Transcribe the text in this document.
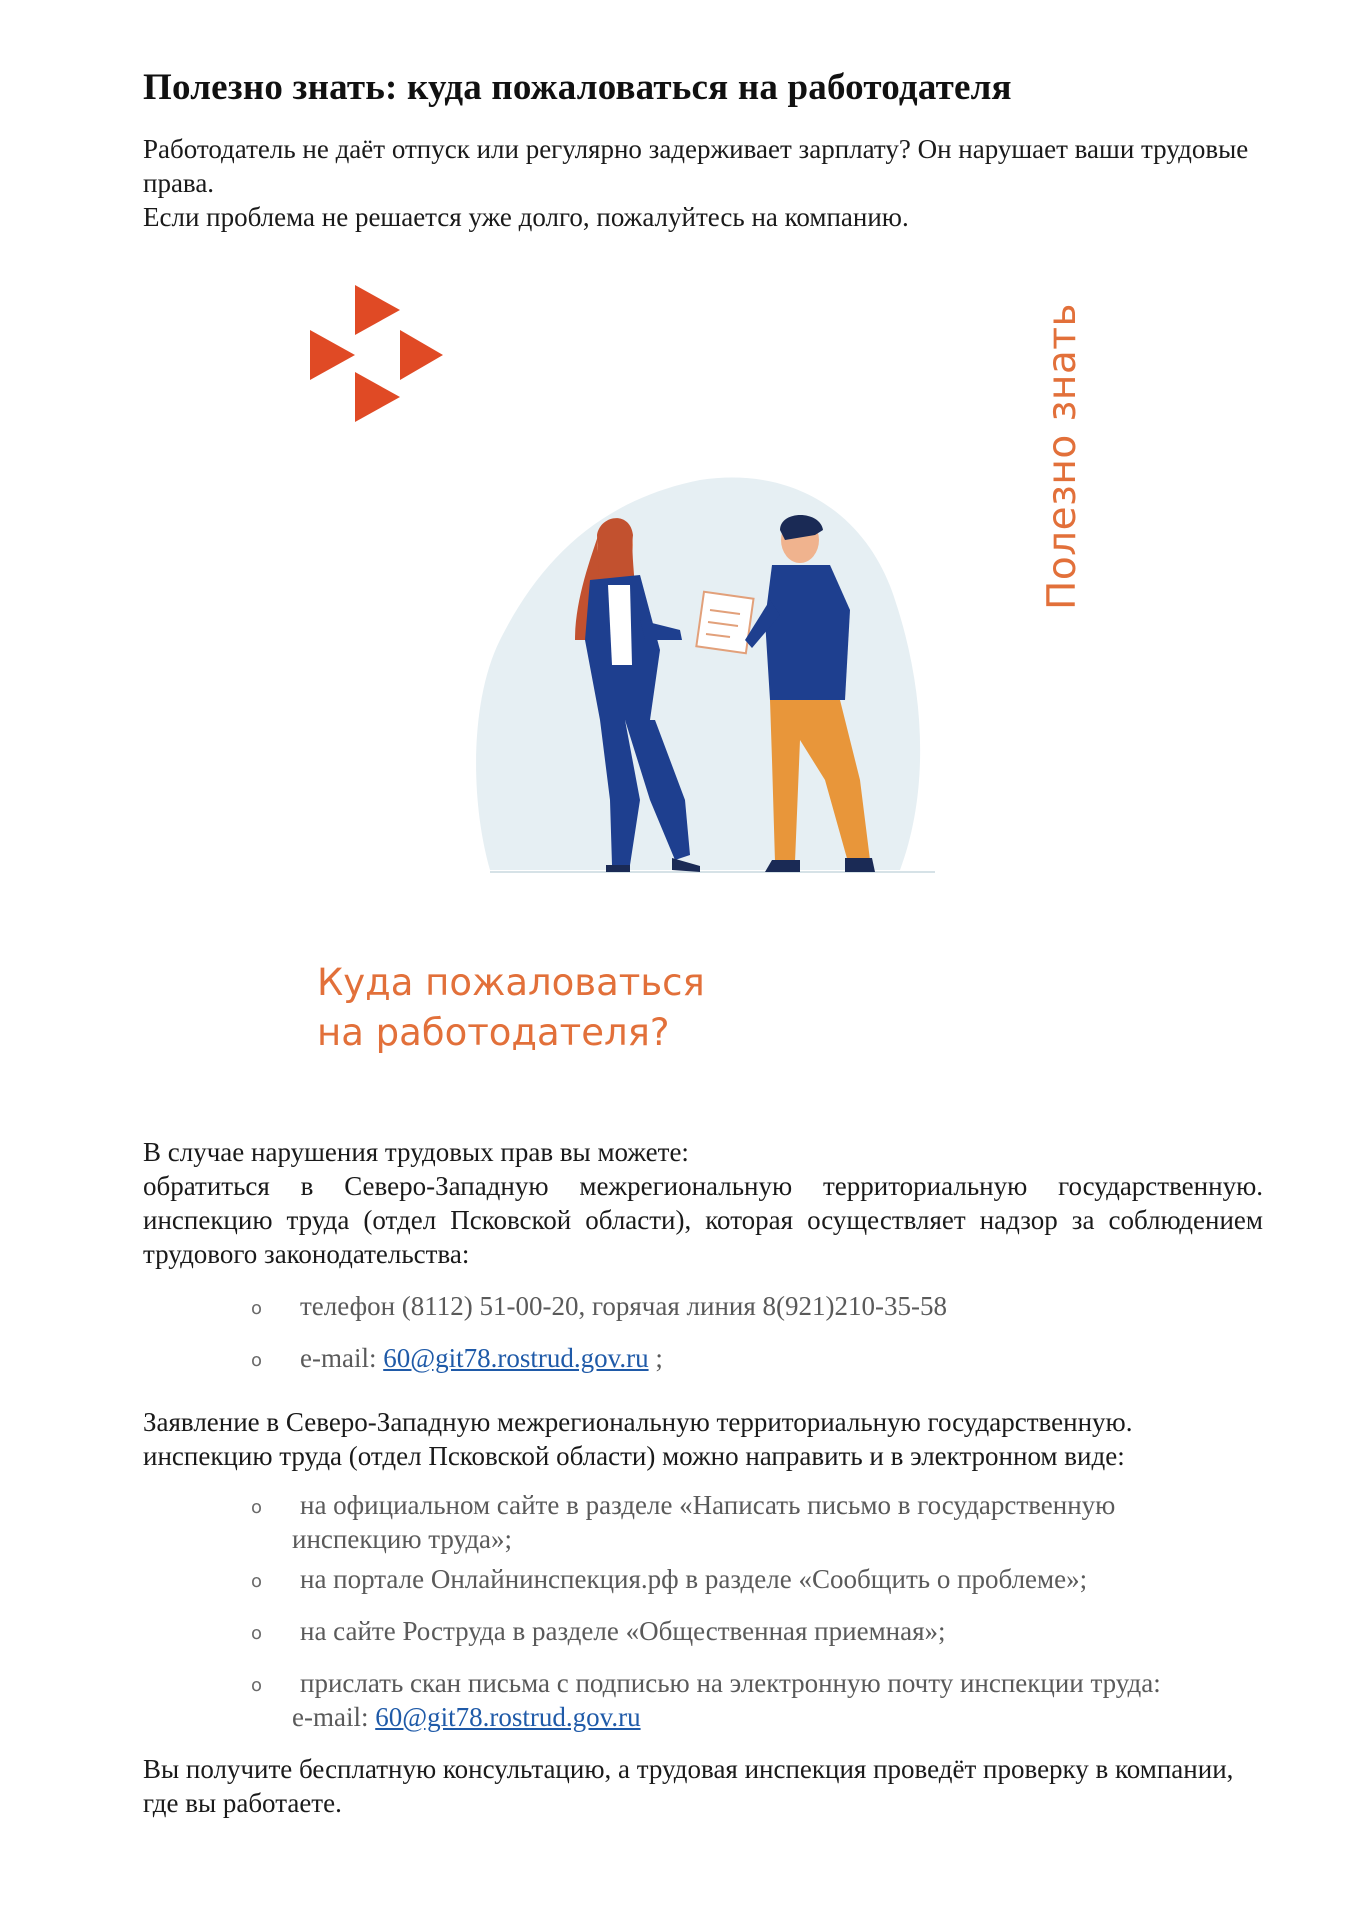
Полезно знать
Куда пожаловаться
на работодателя?
Полезно знать: куда пожаловаться на работодателя

Работодатель не даёт отпуск или регулярно задерживает зарплату? Он нарушает ваши трудовые права.

Если проблема не решается уже долго, пожалуйтесь на компанию.

В случае нарушения трудовых прав вы можете:
обратиться в Северо-Западную межрегиональную территориальную государственную. инспекцию труда (отдел Псковской области), которая осуществляет надзор за соблюдением трудового законодательства:
o телефон (8112) 51-00-20, горячая линия 8(921)210-35-58
o e-mail: 60@git78.rostrud.gov.ru ;
Заявление в Северо-Западную межрегиональную территориальную государственную. инспекцию труда (отдел Псковской области) можно направить и в электронном виде:
o на официальном сайте в разделе «Написать письмо в государственную
инспекцию труда»;
o на портале Онлайнинспекция.рф в разделе «Сообщить о проблеме»;
o на сайте Роструда в разделе «Общественная приемная»;
o прислать скан письма с подписью на электронную почту инспекции труда:
e-mail: 60@git78.rostrud.gov.ru
Вы получите бесплатную консультацию, а трудовая инспекция проведёт проверку в компании, где вы работаете.
